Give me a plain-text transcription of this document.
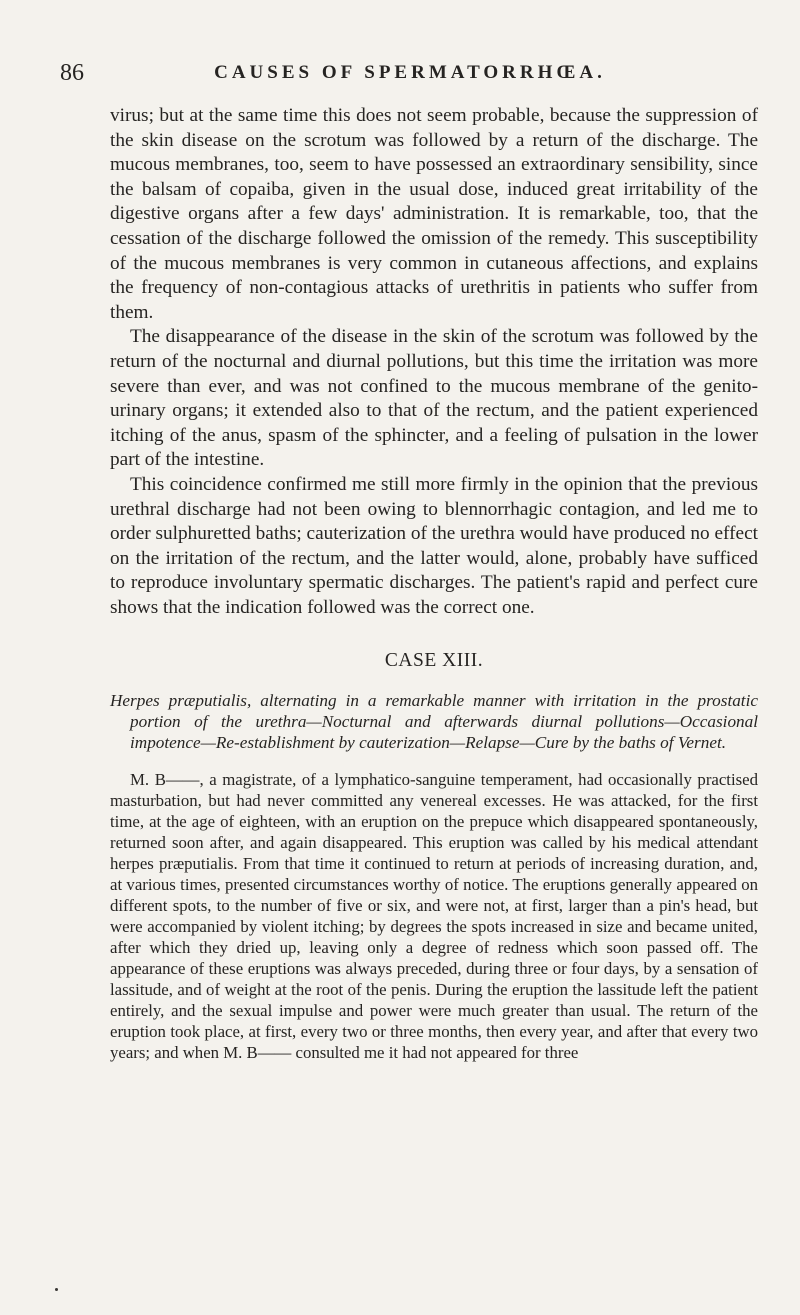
86	CAUSES OF SPERMATORRHŒA.

virus; but at the same time this does not seem probable, because the suppression of the skin disease on the scrotum was followed by a return of the discharge. The mucous membranes, too, seem to have possessed an extraordinary sensibility, since the balsam of copaiba, given in the usual dose, induced great irritability of the digestive organs after a few days' administration. It is remarkable, too, that the cessation of the discharge followed the omission of the remedy. This susceptibility of the mucous membranes is very common in cutaneous affections, and explains the frequency of non-contagious attacks of urethritis in patients who suffer from them.

The disappearance of the disease in the skin of the scrotum was followed by the return of the nocturnal and diurnal pollutions, but this time the irritation was more severe than ever, and was not confined to the mucous membrane of the genito-urinary organs; it extended also to that of the rectum, and the patient experienced itching of the anus, spasm of the sphincter, and a feeling of pulsation in the lower part of the intestine.

This coincidence confirmed me still more firmly in the opinion that the previous urethral discharge had not been owing to blennorrhagic contagion, and led me to order sulphuretted baths; cauterization of the urethra would have produced no effect on the irritation of the rectum, and the latter would, alone, probably have sufficed to reproduce involuntary spermatic discharges. The patient's rapid and perfect cure shows that the indication followed was the correct one.

CASE XIII.

Herpes præputialis, alternating in a remarkable manner with irritation in the prostatic portion of the urethra—Nocturnal and afterwards diurnal pollutions—Occasional impotence—Re-establishment by cauterization—Relapse—Cure by the baths of Vernet.

M. B——, a magistrate, of a lymphatico-sanguine temperament, had occasionally practised masturbation, but had never committed any venereal excesses. He was attacked, for the first time, at the age of eighteen, with an eruption on the prepuce which disappeared spontaneously, returned soon after, and again disappeared. This eruption was called by his medical attendant herpes præputialis. From that time it continued to return at periods of increasing duration, and, at various times, presented circumstances worthy of notice. The eruptions generally appeared on different spots, to the number of five or six, and were not, at first, larger than a pin's head, but were accompanied by violent itching; by degrees the spots increased in size and became united, after which they dried up, leaving only a degree of redness which soon passed off. The appearance of these eruptions was always preceded, during three or four days, by a sensation of lassitude, and of weight at the root of the penis. During the eruption the lassitude left the patient entirely, and the sexual impulse and power were much greater than usual. The return of the eruption took place, at first, every two or three months, then every year, and after that every two years; and when M. B—— consulted me it had not appeared for three
